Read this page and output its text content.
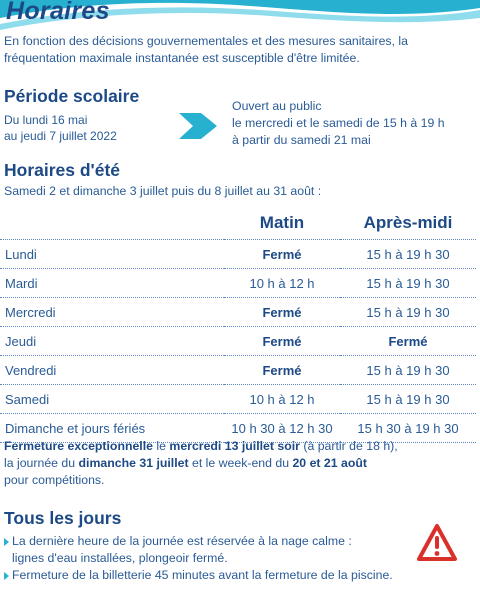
Horaires
En fonction des décisions gouvernementales et des mesures sanitaires, la fréquentation maximale instantanée est susceptible d'être limitée.
Période scolaire
Du lundi 16 mai
au jeudi 7 juillet 2022
Ouvert au public
le mercredi et le samedi de 15 h à 19 h
à partir du samedi 21 mai
Horaires d'été
Samedi 2 et dimanche 3 juillet puis du 8 juillet au 31 août :
	Matin	Après-midi
Lundi	Fermé	15 h à 19 h 30
Mardi	10 h à 12 h	15 h à 19 h 30
Mercredi	Fermé	15 h à 19 h 30
Jeudi	Fermé	Fermé
Vendredi	Fermé	15 h à 19 h 30
Samedi	10 h à 12 h	15 h à 19 h 30
Dimanche et jours fériés	10 h 30 à 12 h 30	15 h 30 à 19 h 30
Fermeture exceptionnelle le mercredi 13 juillet soir (à partir de 18 h),
la journée du dimanche 31 juillet et le week-end du 20 et 21 août
pour compétitions.
Tous les jours
La dernière heure de la journée est réservée à la nage calme :
lignes d'eau installées, plongeoir fermé.
Fermeture de la billetterie 45 minutes avant la fermeture de la piscine.
